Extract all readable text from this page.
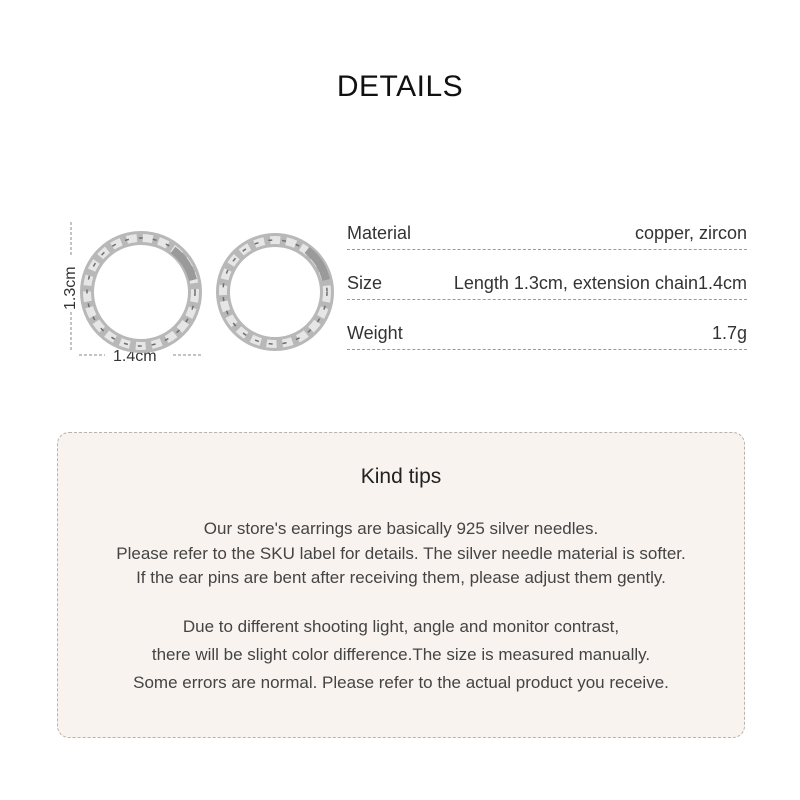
DETAILS
1.3cm
1.4cm
Material	copper, zircon
Size	Length 1.3cm, extension chain1.4cm
Weight	1.7g
Kind tips
Our store's earrings are basically 925 silver needles.
Please refer to the SKU label for details. The silver needle material is softer.
If the ear pins are bent after receiving them, please adjust them gently.
Due to different shooting light, angle and monitor contrast,
there will be slight color difference.The size is measured manually.
Some errors are normal. Please refer to the actual product you receive.
